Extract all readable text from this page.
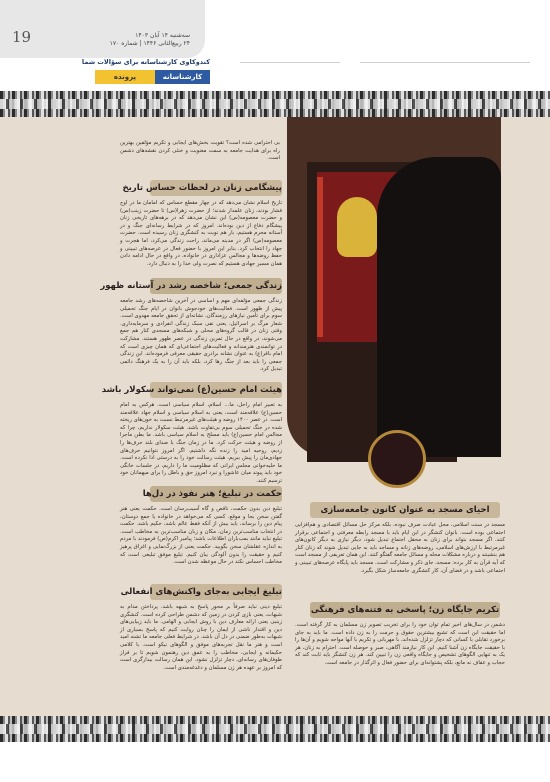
19	سه‌شنبه ۱۴ آبان ۱۴۰۳
۲۴ ربیع‌الثانی ۱۴۴۶ | شماره ۱۷۰
کندوکاوی کارشناسانه برای سؤالات شما
کارشناسانه
پرونده
بی احترامی شده است؟ تقویت بخش‌های ایجابی و تکریم مؤلفین بهترین راه برای هدایت جامعه به سمت معنویت و خنثی کردن نقشه‌های دشمن است.
پیشگامی زنان در لحظات حساس تاریخ
تاریخ اسلام نشان می‌دهد که در چهار مقطع حساس که امامان ما در اوج فشار بودند، زنان علمدار شدند؛ از حضرت زهرا(س) تا حضرت زینب(س) و حضرت معصومه(س) این نشان می‌دهد که در برهه‌های تاریخی زنان پیشگام دفاع از دین بوده‌اند. امروز که در شرایط رسانه‌ای جنگ و در آستانه محرم هستیم، بار هم نوبت به کنشگری زنان رسیده است. حضرت معصومه(س) اگر در مدینه می‌ماند، راحت زندگی می‌کرد، اما هجرت و جهاد را انتخاب کرد. بنابر این امروز با حضور فعال در عرصه‌های تبیینی و حفظ روضه‌ها و مجالس عزاداری در خانواده، در واقع در حال ادامه دادن همان مسیر جهادی هستیم که نصرت ولی خدا را به دنبال دارد.
زندگی جمعی؛ شاخصه رشد در آستانه ظهور
زندگی جمعی مؤلفه‌ای مهم و اساسی در آخرین شاخصه‌های رشد جامعه پیش از ظهور است. فعالیت‌های خودجوش بانوان در ایام جنگ تحمیلی سوم برای تأمین نیازهای رزمندگان، نشانه‌ای از تحقق جامعه مهدوی است. شعار مرگ بر اسرائیل، یعنی نفی سبک زندگی انفرادی و سرمایه‌داری. وقتی زنان در قالب گروه‌های محلی و شبکه‌های مسجدی کنار هم جمع می‌شوند، در واقع در حال تمرین زندگی در عصر ظهور هستند. مشارکت در توانمندی هنرمندانه و فعالیت‌های اجتماعی‌ای که همان چیزی است که امام باقر(ع) به عنوان نشانه برادری حقیقی معرفی فرموده‌اند. این زندگی جمعی را باید بعد از جنگ رها کرد، بلکه باید آن را به یک فرهنگ دائمی تبدیل کرد.
هیئت امام حسین(ع) نمی‌تواند سکولار باشد
به تعبیر امام راحل، ما... اسلام، اسلام سیاسی است. هرکس به امام حسین(ع) علاقه‌مند است، یعنی به اسلام سیاسی و اسلام جهاد علاقه‌مند است. در عصر ۱۴۰۰ روضه و هیئت‌های غیرمرتبط نسبت به خون‌های ریخته شده در جنگ تحمیلی سوم بی‌تفاوت باشد. هیئت سکولار نداریم، چرا که مجالس امام حسین(ع) باید مسلح به اسلام سیاسی باشد. ما بطن ماجرا از روضه و هیئت حرکت کرد. ما در زمان جنگ با صدای بلند حرف‌ها را زدیم، روحیه امید را زنده نگه داشتیم. اگر امروز نتوانیم حرف‌های جهادی‌مان را پیش ببریم، هیئت رسالت خود را به درستی ادا نکرده است. ما حلیه‌خوانی مجلس ایرانی که مظلومیت ما را داریم، در جلسات خانگی خود باید پیوند میان عاشورا و نبرد امروز حق و باطل را برای میهمانان خود ترسیم کنند.
حکمت در تبلیغ؛ هنر نفوذ در دل‌ها
تبلیغ دین بدون حکمت، ناقص و گاه آسیب‌رسان است. حکمت یعنی هنر گفتن سخن بجا و موقع. کسی که می‌خواهد در خانواده یا جمع دوستان، پیام دین را برساند، باید بیش از آنکه فقط عالم باشد، حکیم باشد. حکمت در انتخاب مناسب‌ترین زمان، مکان و زبان مناسب‌ترین به مخاطب است. تبلیغ نباید مانند بمب‌باران اطلاعات باشد؛ پیامبر اکرم(ص) فرمودند با مردم به اندازه عقلشان سخن بگویید. حکمت یعنی از بزرگ‌نمایی و اغراق پرهیز کنیم و حقیقت را بدون آلودگی بیان کنیم. تبلیغ موفق تبلیغی است که مخاطب احساس نکند در حال موعظه شدن است.
تبلیغ ایجابی به‌جای واکنش‌های انفعالی
تبلیغ دینی نباید صرفاً بر محور پاسخ به شبهه باشد. پرداختن مدام به شبهات، یعنی بازی کردن در زمین که دشمن طراحی کرده است. کنشگری زینبی یعنی ارائه معارف دین با روش ایجابی و الهامی. ما باید زیبایی‌های دین و اقتدار ناشی از ایمان را چنان روایت کنیم که پاسخ بسیاری از شبهات به‌طور ضمنی در دل آن باشد. در شرایط فعلی جامعه ما تشنه امید است و هنر ما نقل تجربه‌های موفق و الگوهای نیکو است. با کلامی حکیمانه و ایجابی، مخاطب را به عمق دین رهنمون شویم تا بر فراز طوفان‌های رسانه‌ای، دچار تزلزل نشود. این همان رسالت بیدارگری است که امروز بر عهده هر زن مسلمان و دغدغه‌مندی است.
احیای مسجد به عنوان کانون جامعه‌سازی
مسجد در سنت اسلامی، محل عبادت صرف نبوده، بلکه مرکز حل مسائل اقتصادی و هم‌افزایی اجتماعی بوده است. بانوان کنشگر در این ایام باید با مسجد رابطه معرفتی و اجتماعی برقرار کنند. اگر مسجد بتواند برای زنان به محفل اجتماع تبدیل شود، دیگر نیازی به دیگر کانون‌های غیرمرتبط با ارزش‌های اسلامی، روضه‌های زنانه و مساجد باید به جایی تبدیل شوند که زنان کنار هم بنشینند و درباره مشکلات محله و مسائل جامعه گفتگو کنند. این همان تعریفی از مسجد است که آیه قرآن به کار برده: مسجد، جای ذکر و مشارکت است. مسجد باید پایگاه عرصه‌های تبیینی و اجتماعی باشد و در فضای آن، کار کنشگری جامعه‌ساز شکل بگیرد.
تکریم جایگاه زن؛ پاسخی به فتنه‌های فرهنگی
دشمن در سال‌های اخیر تمام توان خود را برای تخریب تصویر زن مسلمان به کار گرفته است. اما حقیقت این است که تشیع بیشترین حقوق و حرمت را به زن داده است. ما باید به جای برخورد تقابلی با کسانی که دچار تزلزل شده‌اند، با مهربانی و تکریم با آنها مواجه شویم و آن‌ها را با حقیقت جایگاه زن آشنا کنیم. این کار نیازمند آگاهی، صبر و حوصله است. احترام به زنان، هر یک به تنهایی الگوهای تشخیص و جایگاه واقعی زن را تبیین کند. هر زن کنشگر باید ثابت کند که حجاب و عفاف نه مانع، بلکه پشتوانه‌ای برای حضور فعال و اثرگذار در جامعه است.
